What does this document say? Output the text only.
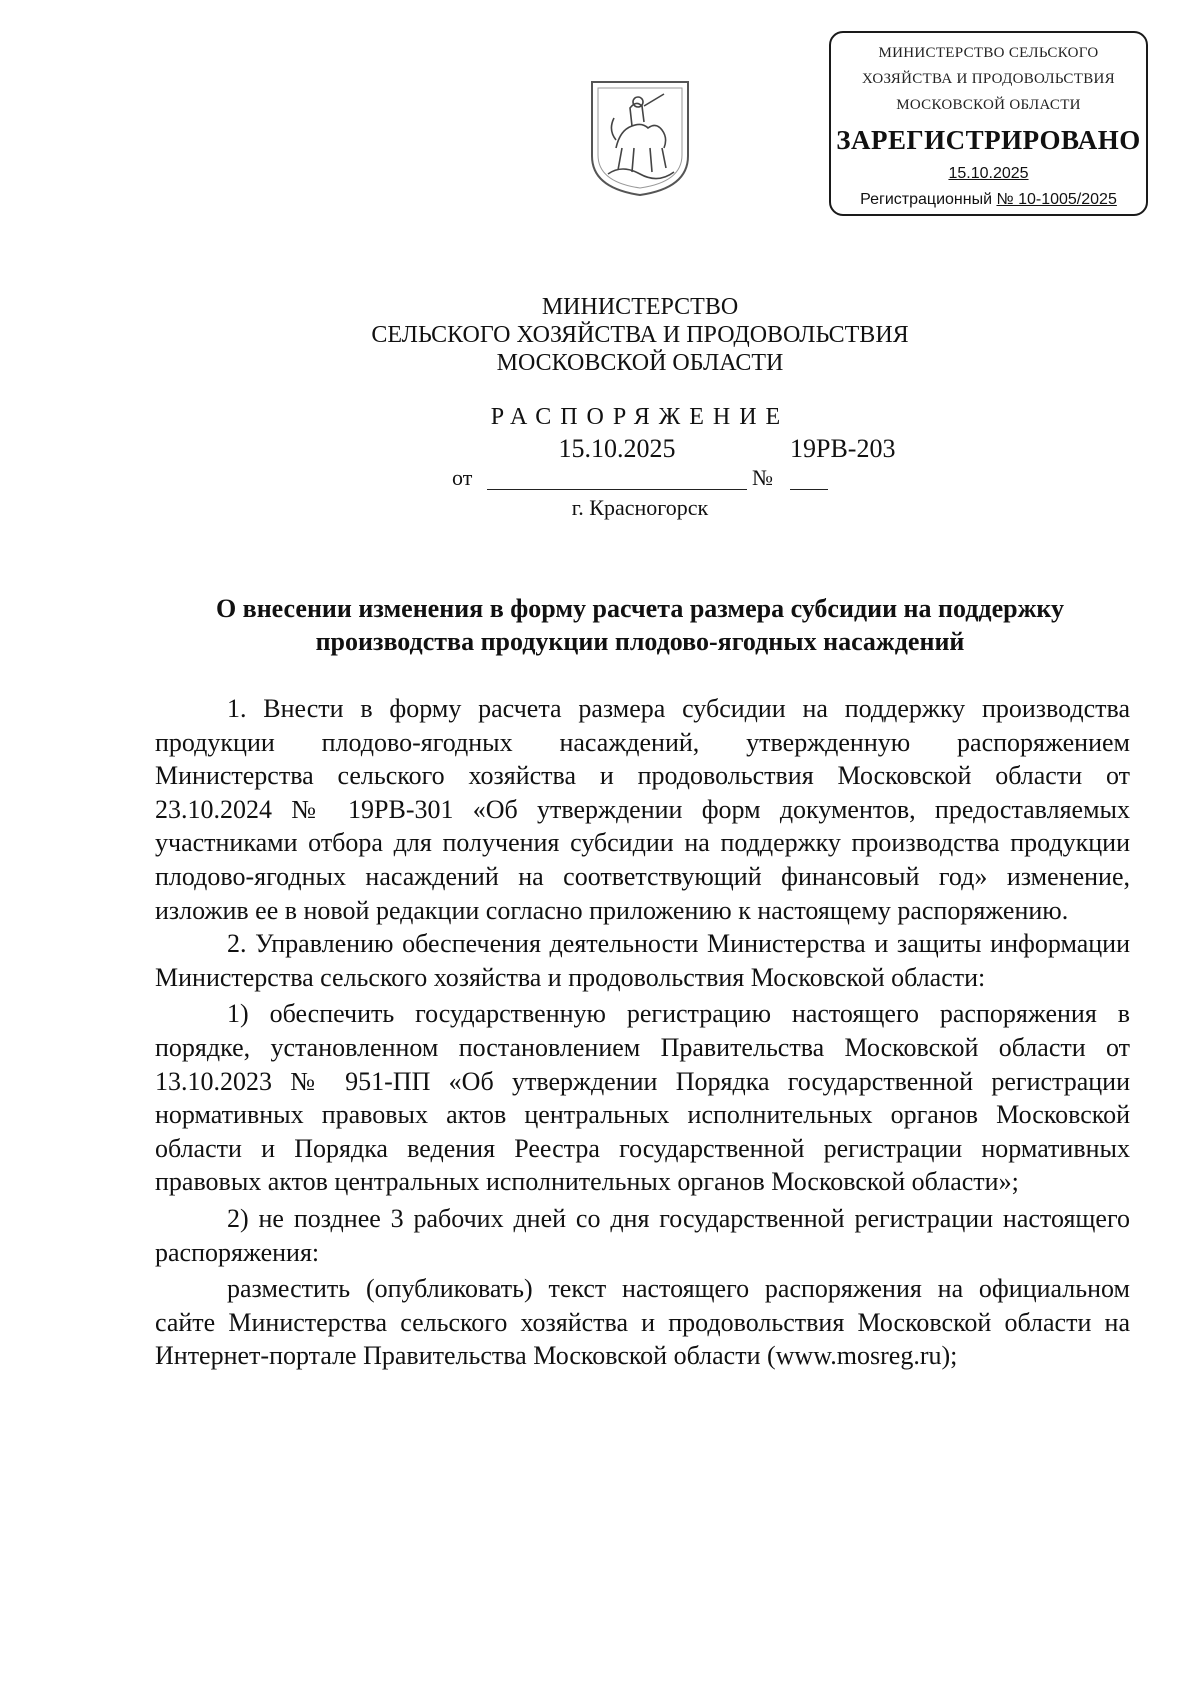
МИНИСТЕРСТВО СЕЛЬСКОГО
ХОЗЯЙСТВА И ПРОДОВОЛЬСТВИЯ
МОСКОВСКОЙ ОБЛАСТИ
ЗАРЕГИСТРИРОВАНО
15.10.2025
Регистрационный № 10-1005/2025
МИНИСТЕРСТВО
СЕЛЬСКОГО ХОЗЯЙСТВА И ПРОДОВОЛЬСТВИЯ
МОСКОВСКОЙ ОБЛАСТИ
РАСПОРЯЖЕНИЕ
от
15.10.2025
№
19РВ-203
г. Красногорск
О внесении изменения в форму расчета размера субсидии на поддержку
производства продукции плодово-ягодных насаждений

1. Внести в форму расчета размера субсидии на поддержку производства продукции плодово-ягодных насаждений, утвержденную распоряжением Министерства сельского хозяйства и продовольствия Московской области от 23.10.2024 № 19РВ-301 «Об утверждении форм документов, предоставляемых участниками отбора для получения субсидии на поддержку производства продукции плодово-ягодных насаждений на соответствующий финансовый год» изменение, изложив ее в новой редакции согласно приложению к настоящему распоряжению.

2. Управлению обеспечения деятельности Министерства и защиты информации Министерства сельского хозяйства и продовольствия Московской области:

1) обеспечить государственную регистрацию настоящего распоряжения в порядке, установленном постановлением Правительства Московской области от 13.10.2023 № 951-ПП «Об утверждении Порядка государственной регистрации нормативных правовых актов центральных исполнительных органов Московской области и Порядка ведения Реестра государственной регистрации нормативных правовых актов центральных исполнительных органов Московской области»;

2) не позднее 3 рабочих дней со дня государственной регистрации настоящего распоряжения:

разместить (опубликовать) текст настоящего распоряжения на официальном сайте Министерства сельского хозяйства и продовольствия Московской области на Интернет-портале Правительства Московской области (www.mosreg.ru);
